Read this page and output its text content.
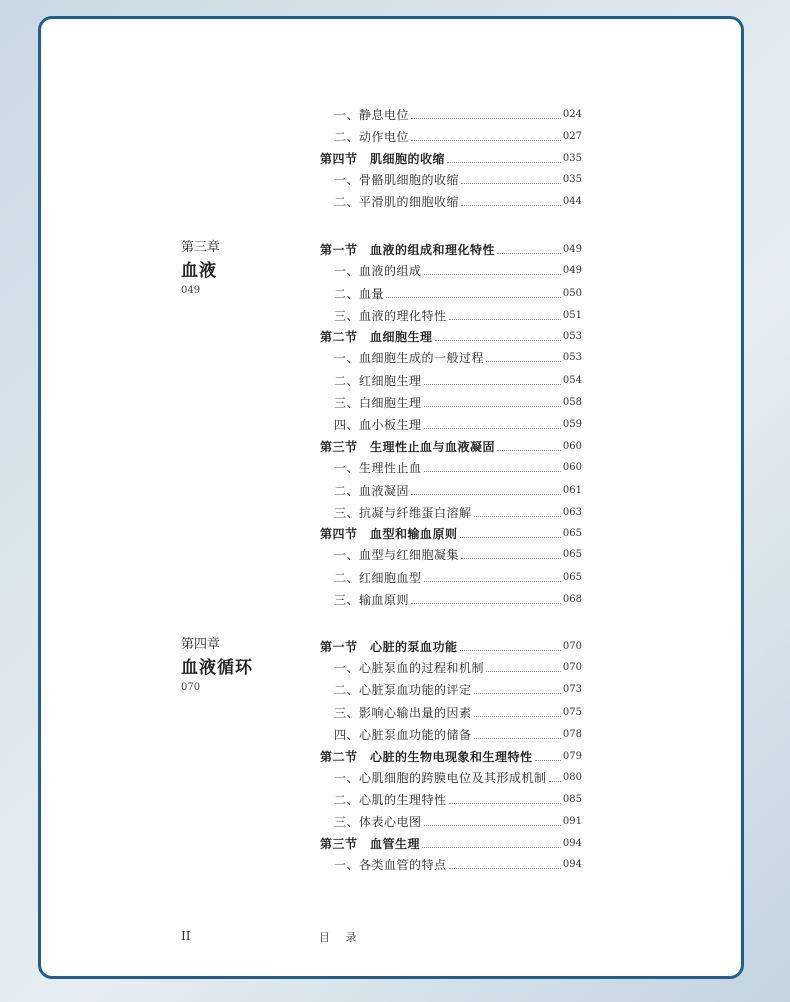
第三章
血液
049
第四章
血液循环
070
一、静息电位	024
二、动作电位	027
第四节　肌细胞的收缩	035
一、骨骼肌细胞的收缩	035
二、平滑肌的细胞收缩	044
第一节　血液的组成和理化特性	049
一、血液的组成	049
二、血量	050
三、血液的理化特性	051
第二节　血细胞生理	053
一、血细胞生成的一般过程	053
二、红细胞生理	054
三、白细胞生理	058
四、血小板生理	059
第三节　生理性止血与血液凝固	060
一、生理性止血	060
二、血液凝固	061
三、抗凝与纤维蛋白溶解	063
第四节　血型和输血原则	065
一、血型与红细胞凝集	065
二、红细胞血型	065
三、输血原则	068
第一节　心脏的泵血功能	070
一、心脏泵血的过程和机制	070
二、心脏泵血功能的评定	073
三、影响心输出量的因素	075
四、心脏泵血功能的储备	078
第二节　心脏的生物电现象和生理特性	079
一、心肌细胞的跨膜电位及其形成机制 080
二、心肌的生理特性	085
三、体表心电图	091
第三节　血管生理	094
一、各类血管的特点	094
II	目 录
